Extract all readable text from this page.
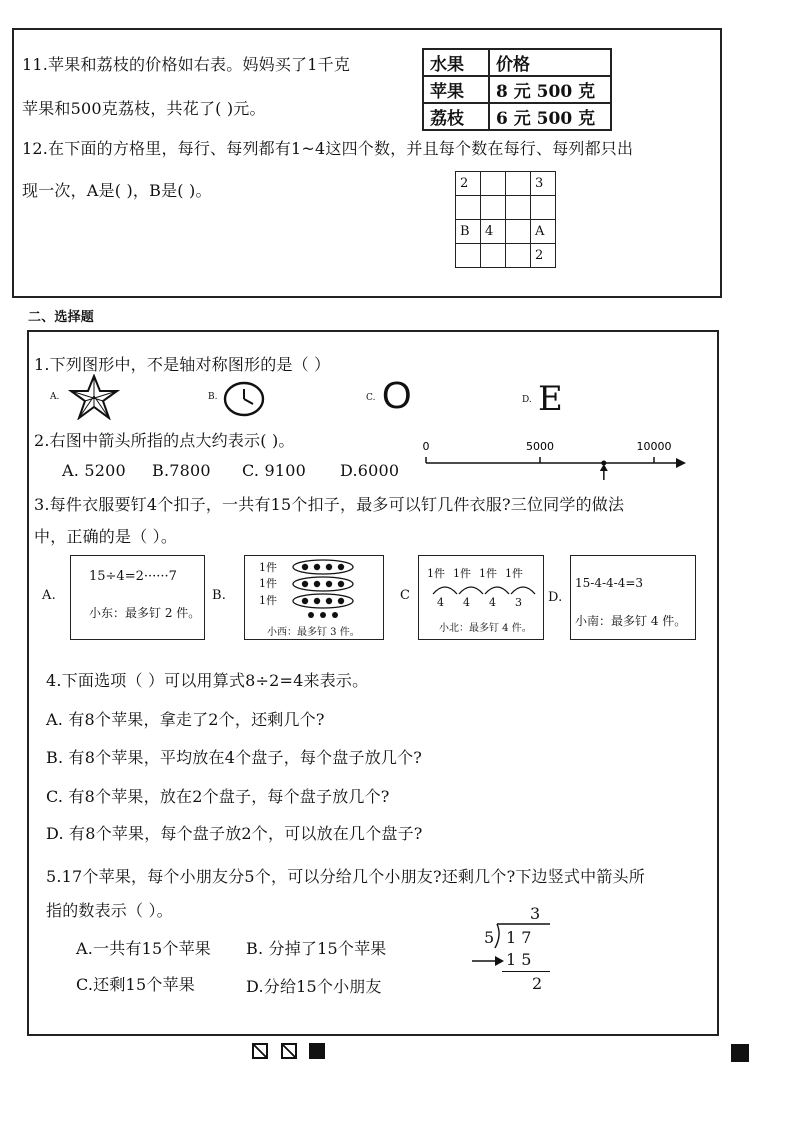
11.苹果和荔枝的价格如右表。妈妈买了1千克
苹果和500克荔枝，共花了( )元。
水果	价格
苹果	8 元 500 克
荔枝	6 元 500 克
12.在下面的方格里，每行、每列都有1~4这四个数，并且每个数在每行、每列都只出
现一次，A是( )，B是( )。	2			3

B	4		A
			2
二、选择题
1.下列图形中，不是轴对称图形的是（ ）
A.	B.	C. O	D. E
2.右图中箭头所指的点大约表示( )。
A. 5200 B.7800 C. 9100 D.6000
0	5000	10000
3.每件衣服要钉4个扣子，一共有15个扣子，最多可以钉几件衣服?三位同学的做法
中，正确的是（ ）。
A.
15÷4=2······7
小东：最多钉 2 件。
B.
1件
1件
1件
小西：最多钉 3 件。
C
1件 1件 1件 1件
4 4 4 3
小北：最多钉 4 件。
D.
15-4-4-4=3
小南：最多钉 4 件。
4.下面选项（ ）可以用算式8÷2=4来表示。
A. 有8个苹果，拿走了2个，还剩几个?
B. 有8个苹果，平均放在4个盘子，每个盘子放几个?
C. 有8个苹果，放在2个盘子，每个盘子放几个?
D. 有8个苹果，每个盘子放2个，可以放在几个盘子?
5.17个苹果，每个小朋友分5个，可以分给几个小朋友?还剩几个?下边竖式中箭头所
指的数表示（ ）。
A.一共有15个苹果 B. 分掉了15个苹果
C.还剩15个苹果	D.分给15个小朋友
3
5 1 7
1 5
2
